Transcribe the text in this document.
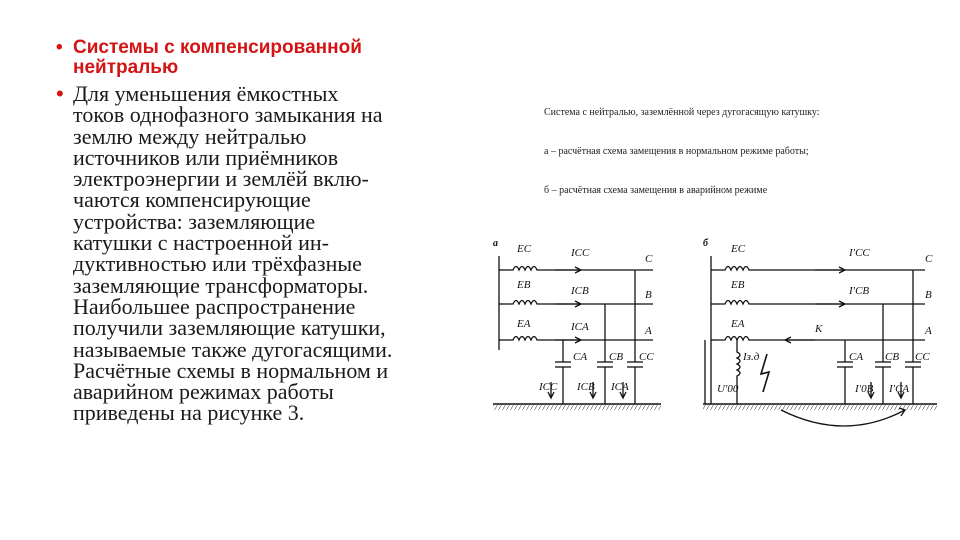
• Системы с компенсированной нейтралью
• Для уменьшения ёмкостных
токов однофазного замыкания на
землю между нейтралью
источников или приёмников
электроэнергии и землёй вклю-
чаются компенсирующие
устройства: заземляющие
катушки с настроенной ин-
дуктивностью или трёхфазные
заземляющие трансформаторы.
Наибольшее распространение
получили заземляющие катушки,
называемые также дугогасящими.
Расчётные схемы в нормальном и
аварийном режимах работы
приведены на рисунке 3.
Система с нейтралью, заземлённой через дугогасящую катушку:
а – расчётная схема замещения в нормальном режиме работы;
б – расчётная схема замещения в аварийном режиме
а EC
EB
EA
ICC
ICB
ICA
C
B
A
CA CB CC
ICC ICB ICA
б EC
EB
EA
I′CC
I′CB
K
C
B
A
Iз.д
U′00
CA CB CC
I′0B I′CA
